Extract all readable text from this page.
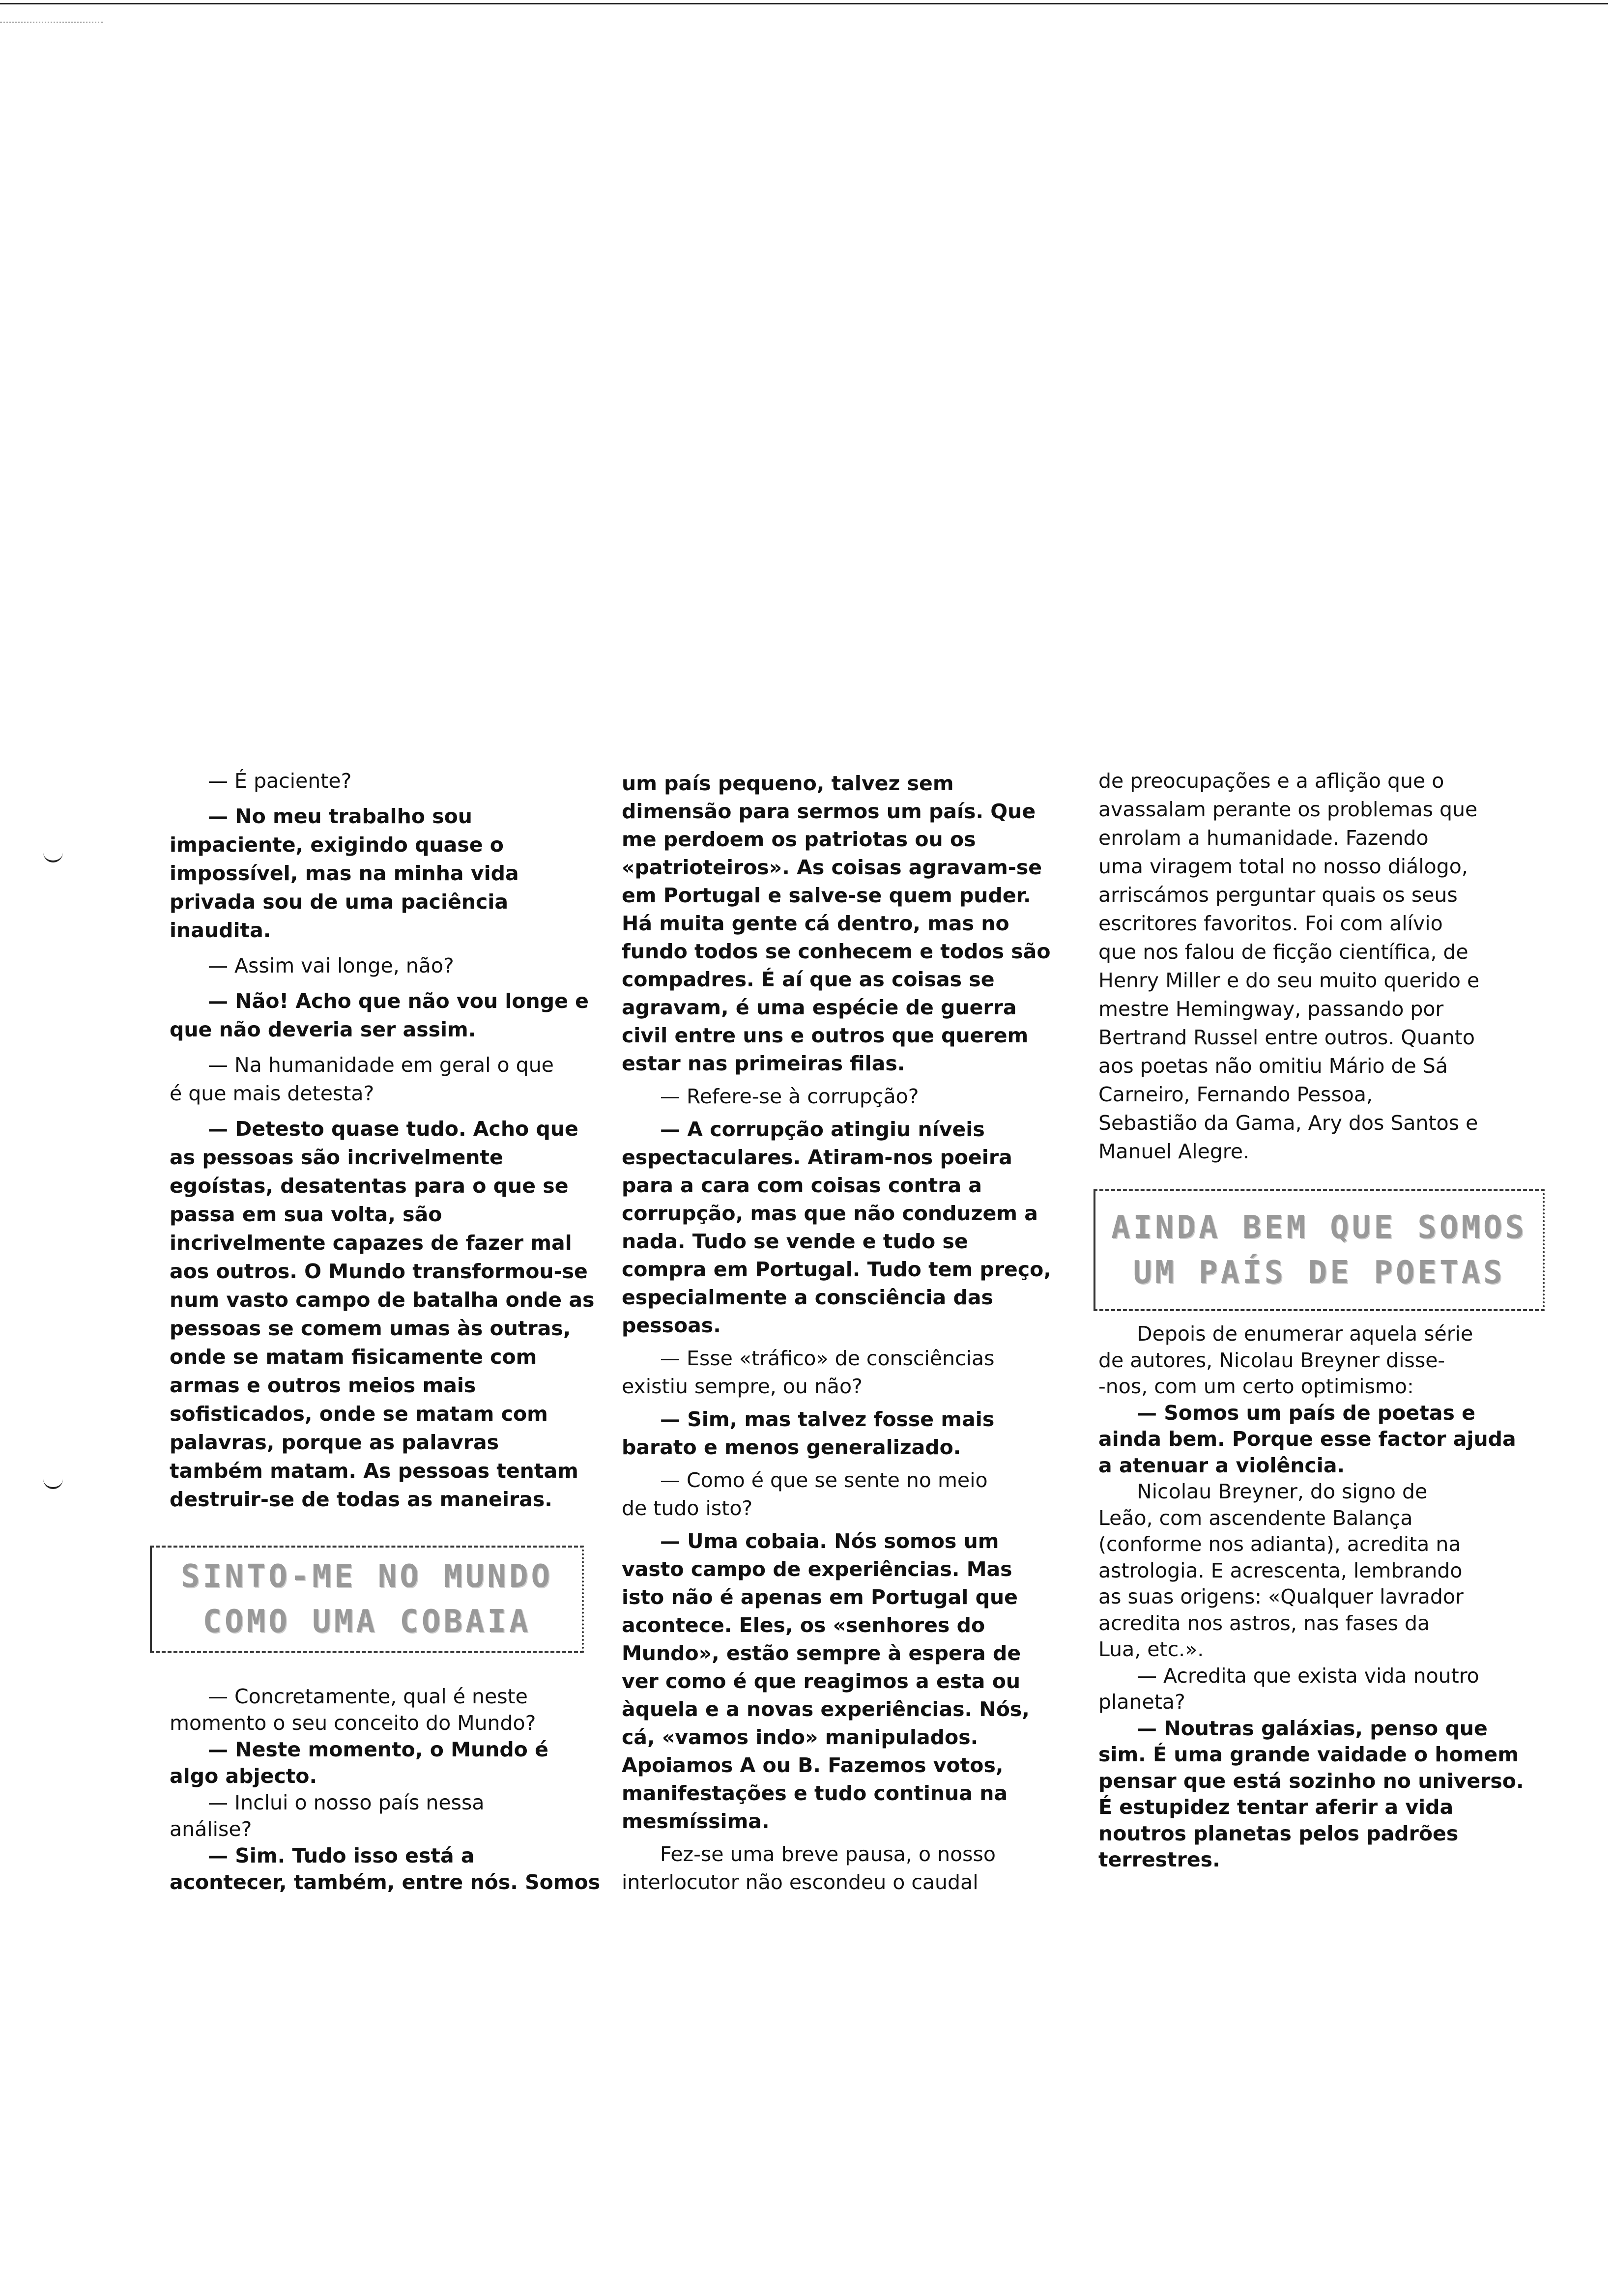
— É paciente?

— No meu trabalho sou
impaciente, exigindo quase o
impossível, mas na minha vida
privada sou de uma paciência
inaudita.

— Assim vai longe, não?

— Não! Acho que não vou longe e
que não deveria ser assim.

— Na humanidade em geral o que
é que mais detesta?

— Detesto quase tudo. Acho que
as pessoas são incrivelmente
egoístas, desatentas para o que se
passa em sua volta, são
incrivelmente capazes de fazer mal
aos outros. O Mundo transformou-se
num vasto campo de batalha onde as
pessoas se comem umas às outras,
onde se matam fisicamente com
armas e outros meios mais
sofisticados, onde se matam com
palavras, porque as palavras
também matam. As pessoas tentam
destruir-se de todas as maneiras.

SINTO-ME NO MUNDO
COMO UMA COBAIA

— Concretamente, qual é neste
momento o seu conceito do Mundo?

— Neste momento, o Mundo é
algo abjecto.

— Inclui o nosso país nessa
análise?

— Sim. Tudo isso está a
acontecer, também, entre nós. Somos

um país pequeno, talvez sem
dimensão para sermos um país. Que
me perdoem os patriotas ou os
«patrioteiros». As coisas agravam-se
em Portugal e salve-se quem puder.
Há muita gente cá dentro, mas no
fundo todos se conhecem e todos são
compadres. É aí que as coisas se
agravam, é uma espécie de guerra
civil entre uns e outros que querem
estar nas primeiras filas.

— Refere-se à corrupção?

— A corrupção atingiu níveis
espectaculares. Atiram-nos poeira
para a cara com coisas contra a
corrupção, mas que não conduzem a
nada. Tudo se vende e tudo se
compra em Portugal. Tudo tem preço,
especialmente a consciência das
pessoas.

— Esse «tráfico» de consciências
existiu sempre, ou não?

— Sim, mas talvez fosse mais
barato e menos generalizado.

— Como é que se sente no meio
de tudo isto?

— Uma cobaia. Nós somos um
vasto campo de experiências. Mas
isto não é apenas em Portugal que
acontece. Eles, os «senhores do
Mundo», estão sempre à espera de
ver como é que reagimos a esta ou
àquela e a novas experiências. Nós,
cá, «vamos indo» manipulados.
Apoiamos A ou B. Fazemos votos,
manifestações e tudo continua na
mesmíssima.

Fez-se uma breve pausa, o nosso
interlocutor não escondeu o caudal

de preocupações e a aflição que o
avassalam perante os problemas que
enrolam a humanidade. Fazendo
uma viragem total no nosso diálogo,
arriscámos perguntar quais os seus
escritores favoritos. Foi com alívio
que nos falou de ficção científica, de
Henry Miller e do seu muito querido e
mestre Hemingway, passando por
Bertrand Russel entre outros. Quanto
aos poetas não omitiu Mário de Sá
Carneiro, Fernando Pessoa,
Sebastião da Gama, Ary dos Santos e
Manuel Alegre.

AINDA BEM QUE SOMOS
UM PAÍS DE POETAS

Depois de enumerar aquela série
de autores, Nicolau Breyner disse-
-nos, com um certo optimismo:

— Somos um país de poetas e
ainda bem. Porque esse factor ajuda
a atenuar a violência.

Nicolau Breyner, do signo de
Leão, com ascendente Balança
(conforme nos adianta), acredita na
astrologia. E acrescenta, lembrando
as suas origens: «Qualquer lavrador
acredita nos astros, nas fases da
Lua, etc.».

— Acredita que exista vida noutro
planeta?

— Noutras galáxias, penso que
sim. É uma grande vaidade o homem
pensar que está sozinho no universo.
É estupidez tentar aferir a vida
noutros planetas pelos padrões
terrestres.
